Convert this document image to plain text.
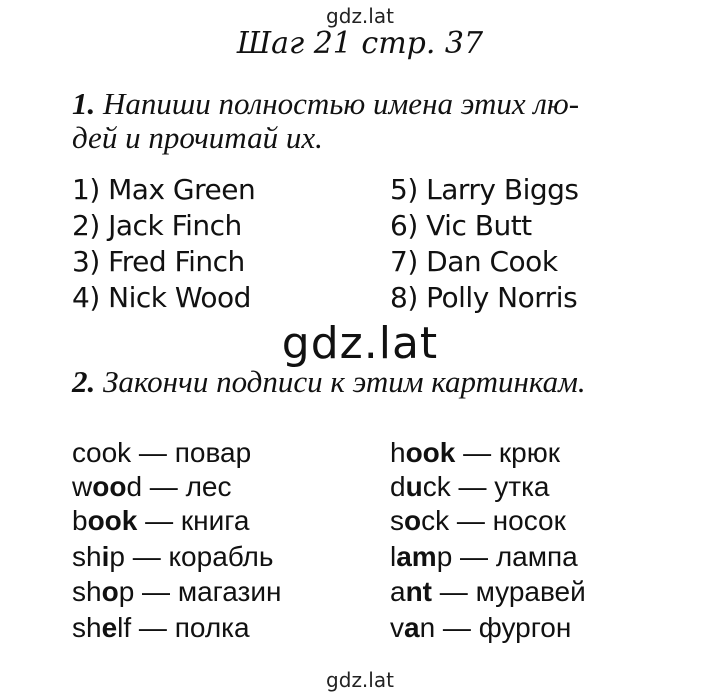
gdz.lat
Шаг 21 стр. 37
1. Напиши полностью имена этих лю-
дей и прочитай их.
1) Max Green
2) Jack Finch
3) Fred Finch
4) Nick Wood
5) Larry Biggs
6) Vic Butt
7) Dan Cook
8) Polly Norris
gdz.lat
2. Закончи подписи к этим картинкам.
cook — повар
wood — лес
book — книга
ship — корабль
shop — магазин
shelf — полка
hook — крюк
duck — утка
sock — носок
lamp — лампа
ant — муравей
van — фургон
gdz.lat
